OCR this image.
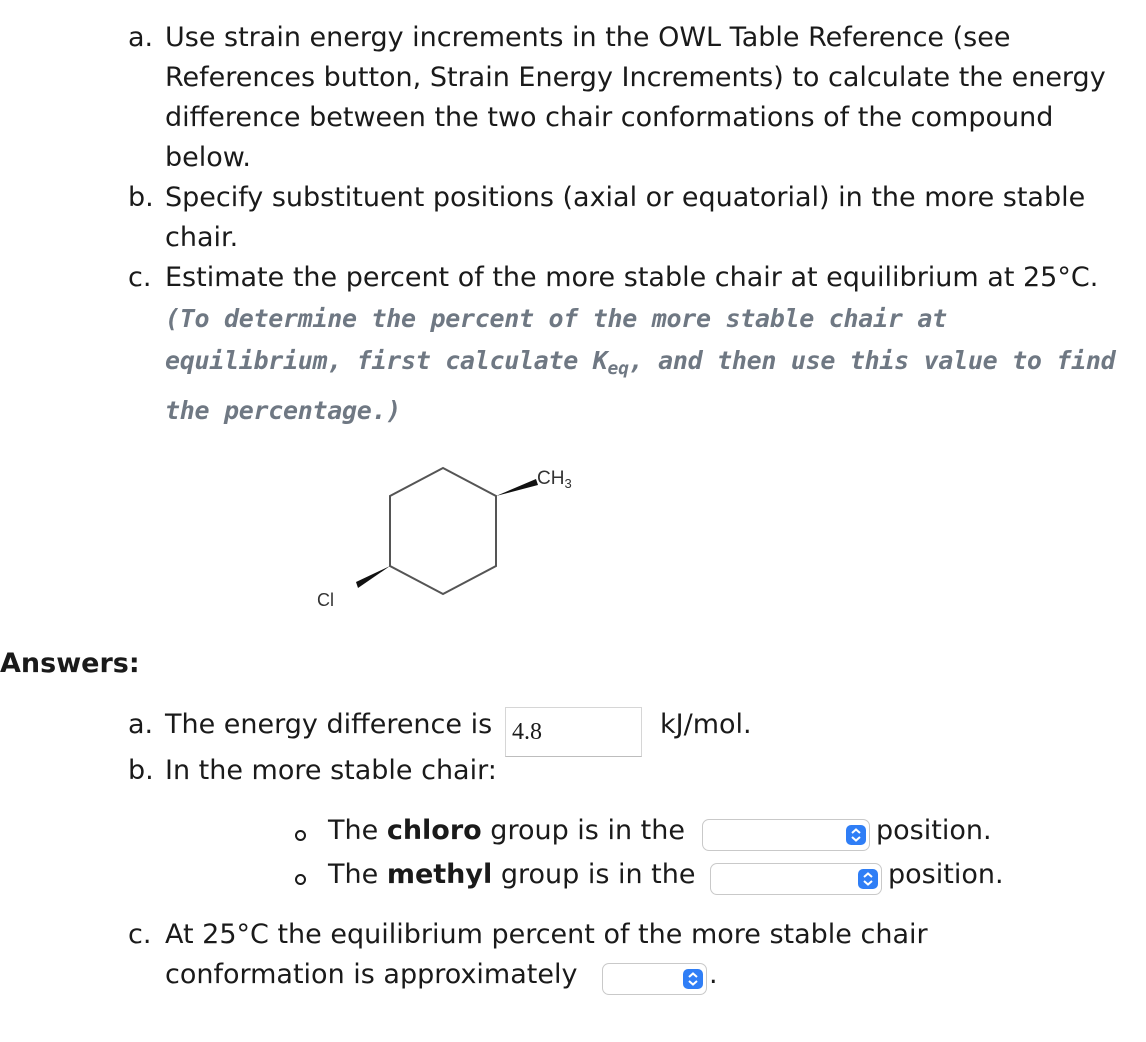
a. Use strain energy increments in the OWL Table Reference (see
References button, Strain Energy Increments) to calculate the energy
difference between the two chair conformations of the compound
below.
b. Specify substituent positions (axial or equatorial) in the more stable
chair.
c. Estimate the percent of the more stable chair at equilibrium at 25°C.
(To determine the percent of the more stable chair at
equilibrium, first calculate $K_{eq}$, and then use this value to find
the percentage.)
$CH_3$
Cl
Answers:
a. The energy difference is 4.8	kJ/mol.
b. In the more stable chair:
The chloro group is in the	position.
The methyl group is in the	position.
c. At 25°C the equilibrium percent of the more stable chair
conformation is approximately	.
